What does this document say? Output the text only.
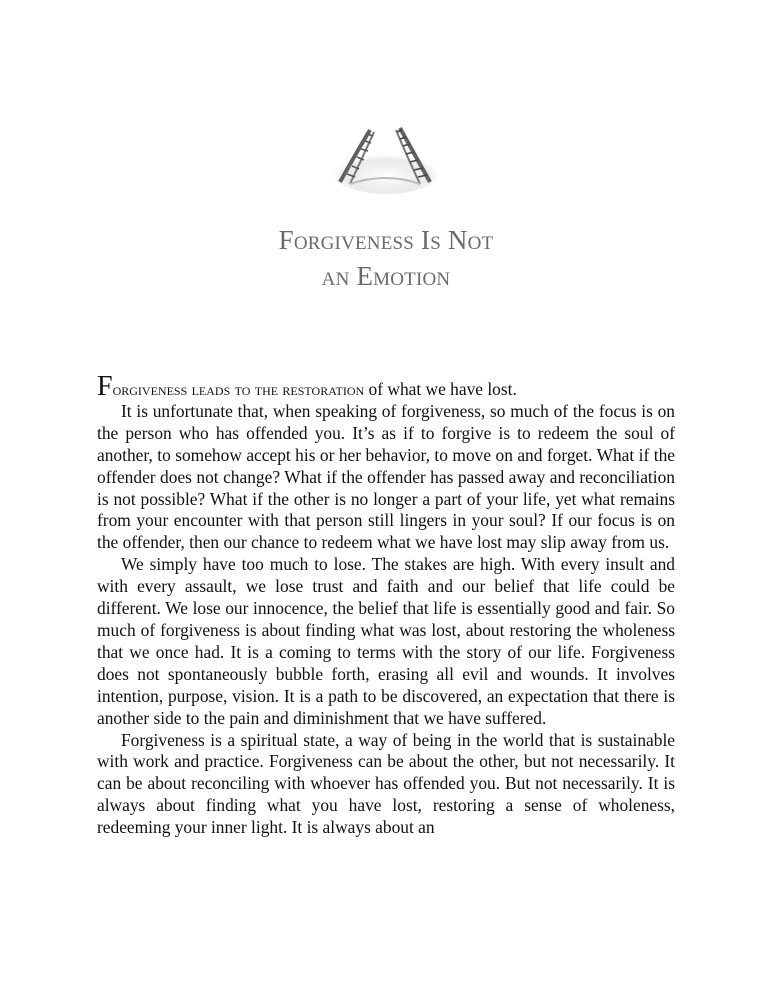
Forgiveness Is Not
an Emotion

Forgiveness leads to the restoration of what we have lost.

It is unfortunate that, when speaking of forgiveness, so much of the focus is on the person who has offended you. It’s as if to forgive is to redeem the soul of another, to somehow accept his or her behavior, to move on and forget. What if the offender does not change? What if the offender has passed away and reconciliation is not possible? What if the other is no longer a part of your life, yet what remains from your encounter with that person still lingers in your soul? If our focus is on the offender, then our chance to redeem what we have lost may slip away from us.

We simply have too much to lose. The stakes are high. With every insult and with every assault, we lose trust and faith and our belief that life could be different. We lose our innocence, the belief that life is essentially good and fair. So much of forgiveness is about finding what was lost, about restoring the wholeness that we once had. It is a coming to terms with the story of our life. Forgiveness does not spontaneously bubble forth, erasing all evil and wounds. It involves intention, purpose, vision. It is a path to be discovered, an expectation that there is another side to the pain and diminishment that we have suffered.

Forgiveness is a spiritual state, a way of being in the world that is sustainable with work and practice. Forgiveness can be about the other, but not necessarily. It can be about reconciling with whoever has offended you. But not necessarily. It is always about finding what you have lost, restoring a sense of wholeness, redeeming your inner light. It is always about an
